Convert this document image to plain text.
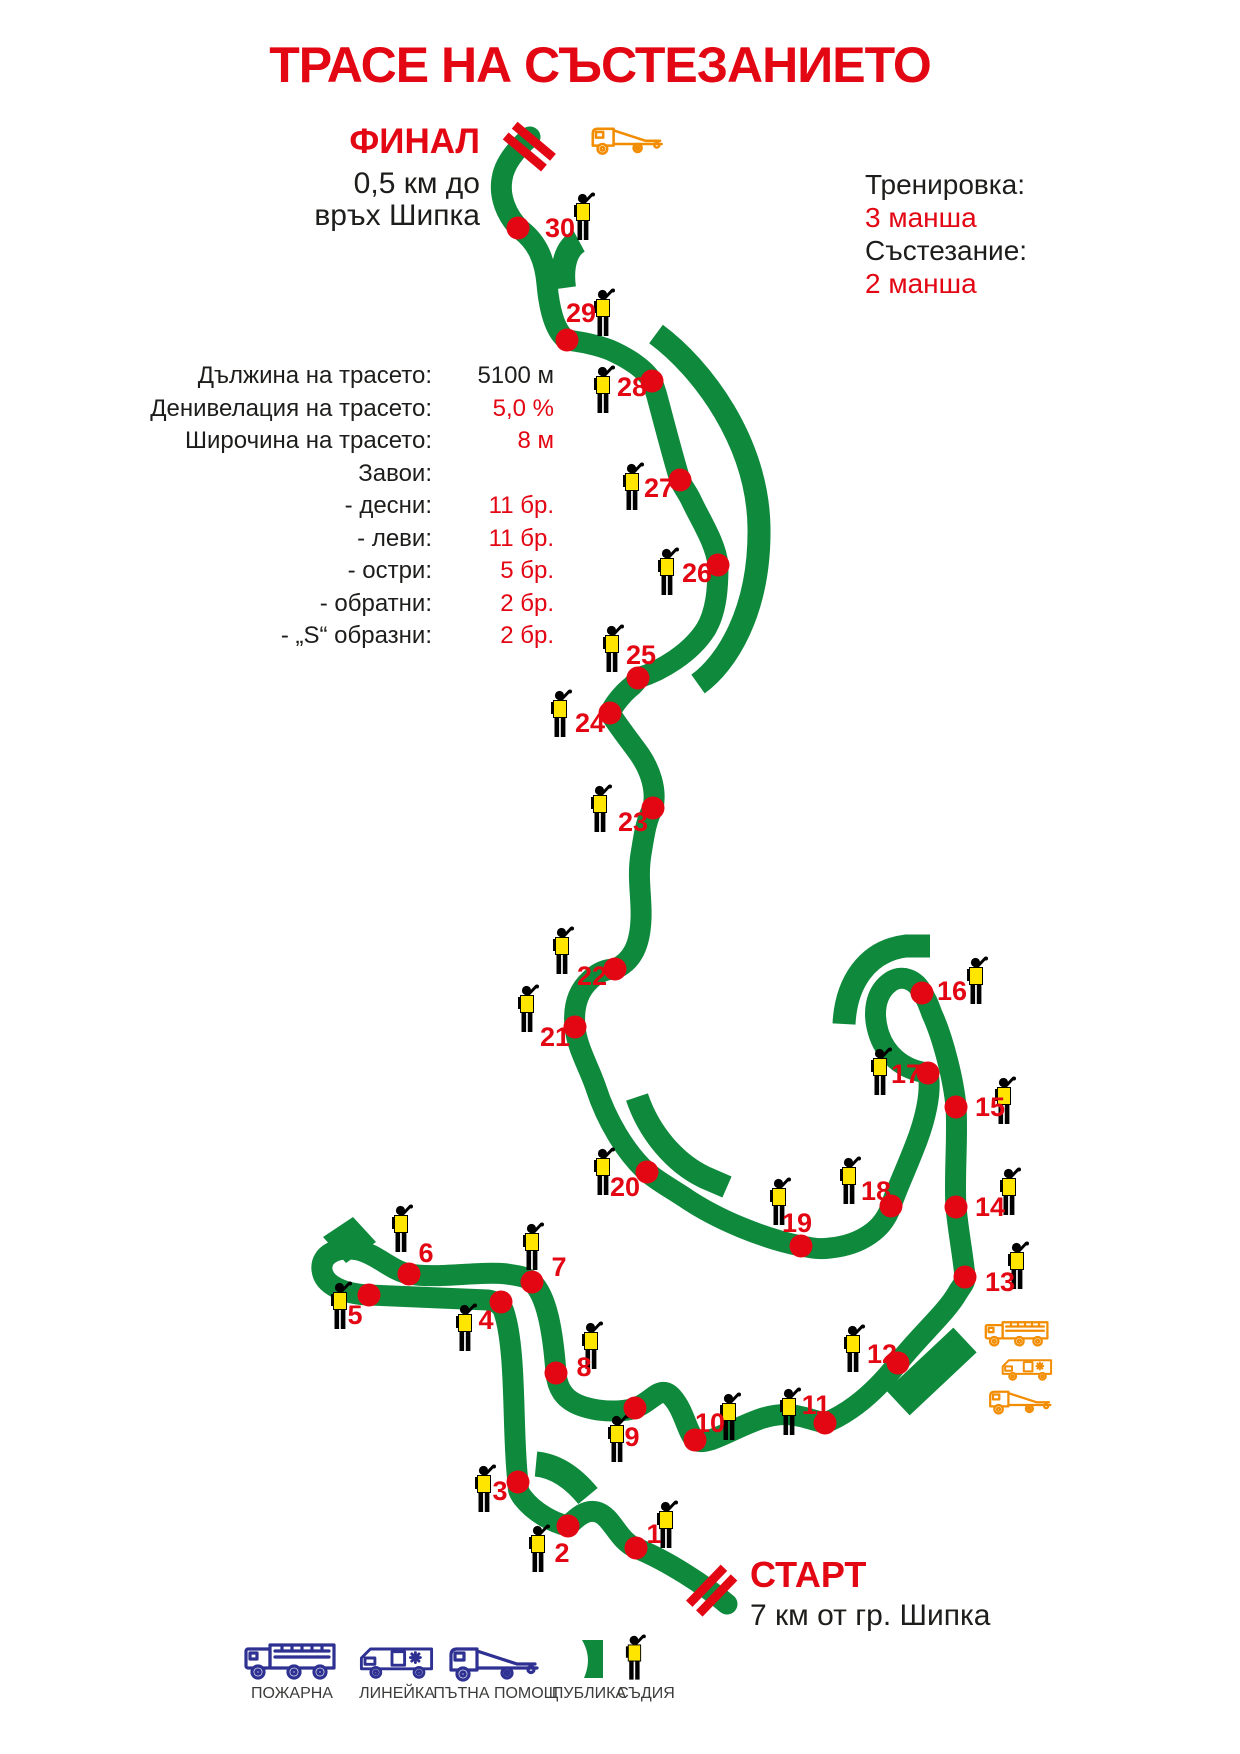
1
2
3
4
5
6	7
8
9 10
11
12
13
14
15
16
17
18
19
20
21
22
23
24
25
26
27
28
29
30
ПОЖАРНА ЛИНЕЙКА
ПЪТНА ПОМОЩ
ПУБЛИКА
СЪДИЯ
ТРАСЕ НА СЪСТЕЗАНИЕТО
ФИНАЛ
0,5 км до
връх Шипка
Тренировка:
3 манша
Състезание:
2 манша
Дължина на трасето:	5100 м
Денивелация на трасето:	5,0 %
Широчина на трасето:	8 м
Завои:
- десни:	11 бр.
- леви:	11 бр.
- остри:	5 бр.
- обратни:	2 бр.
- „S“ образни:	2 бр.
СТАРТ
7 км от гр. Шипка
